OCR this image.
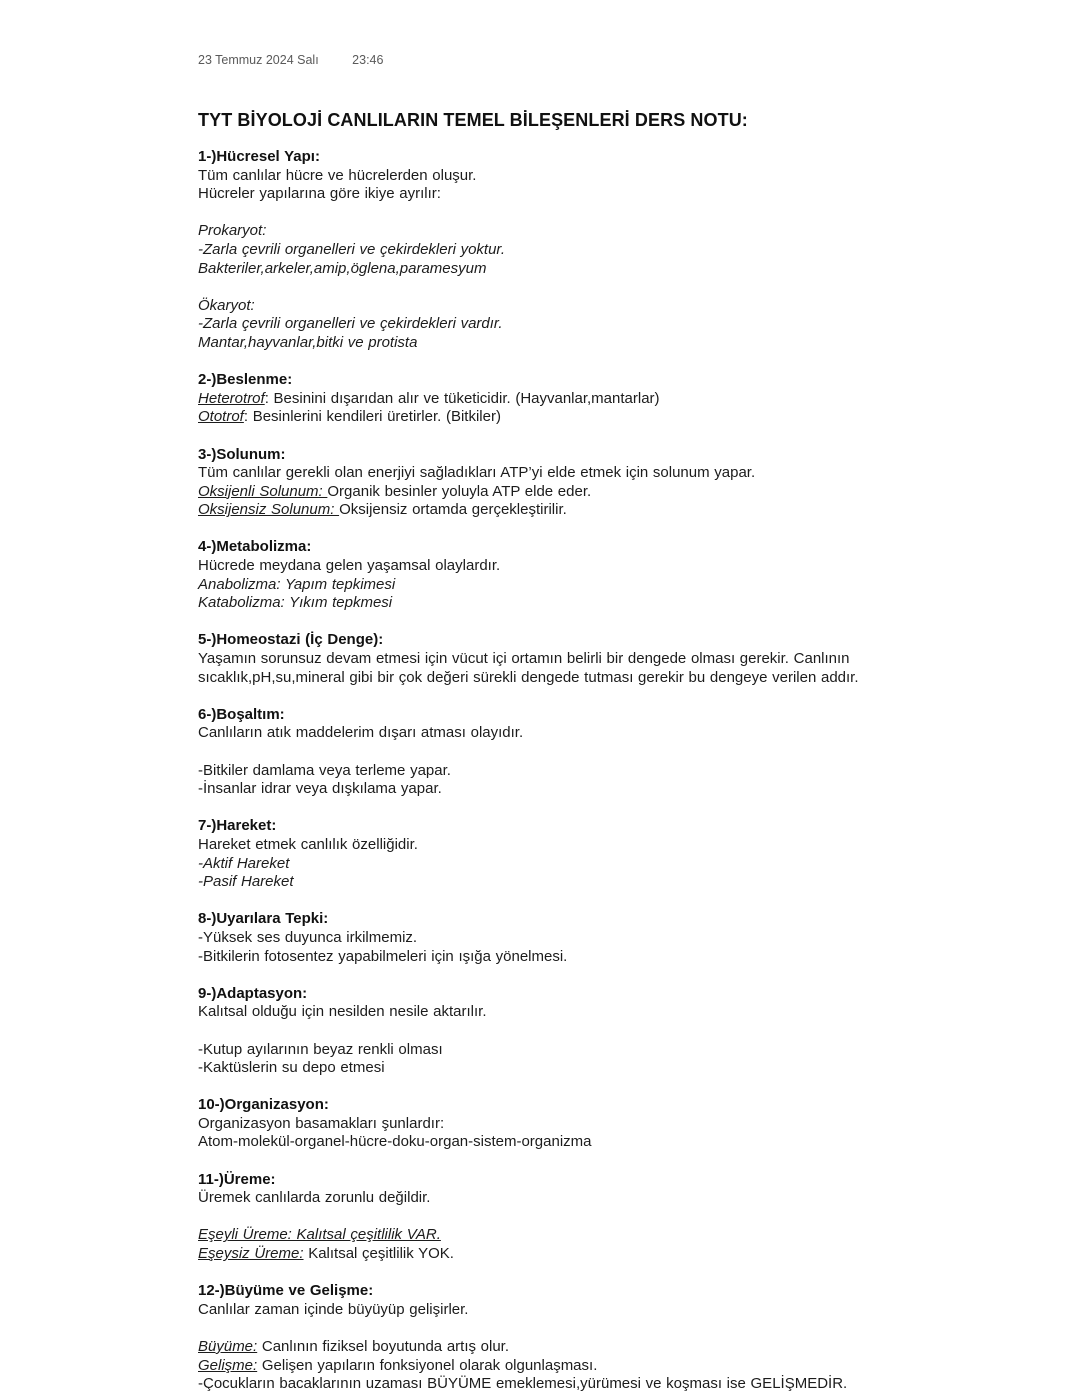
23 Temmuz 2024 Salı	23:46
TYT BİYOLOJİ CANLILARIN TEMEL BİLEŞENLERİ DERS NOTU:

1-)Hücresel Yapı:

Tüm canlılar hücre ve hücrelerden oluşur.

Hücreler yapılarına göre ikiye ayrılır:

Prokaryot:

-Zarla çevrili organelleri ve çekirdekleri yoktur.

Bakteriler,arkeler,amip,öglena,paramesyum

Ökaryot:

-Zarla çevrili organelleri ve çekirdekleri vardır.

Mantar,hayvanlar,bitki ve protista

2-)Beslenme:

Heterotrof: Besinini dışarıdan alır ve tüketicidir. (Hayvanlar,mantarlar)

Ototrof: Besinlerini kendileri üretirler. (Bitkiler)

3-)Solunum:

Tüm canlılar gerekli olan enerjiyi sağladıkları ATP’yi elde etmek için solunum yapar.

Oksijenli Solunum: Organik besinler yoluyla ATP elde eder.

Oksijensiz Solunum: Oksijensiz ortamda gerçekleştirilir.

4-)Metabolizma:

Hücrede meydana gelen yaşamsal olaylardır.

Anabolizma: Yapım tepkimesi

Katabolizma: Yıkım tepkmesi

5-)Homeostazi (İç Denge):

Yaşamın sorunsuz devam etmesi için vücut içi ortamın belirli bir dengede olması gerekir. Canlının sıcaklık,pH,su,mineral gibi bir çok değeri sürekli dengede tutması gerekir bu dengeye verilen addır.

6-)Boşaltım:

Canlıların atık maddelerim dışarı atması olayıdır.

-Bitkiler damlama veya terleme yapar.

-İnsanlar idrar veya dışkılama yapar.

7-)Hareket:

Hareket etmek canlılık özelliğidir.

-Aktif Hareket

-Pasif Hareket

8-)Uyarılara Tepki:

-Yüksek ses duyunca irkilmemiz.

-Bitkilerin fotosentez yapabilmeleri için ışığa yönelmesi.

9-)Adaptasyon:

Kalıtsal olduğu için nesilden nesile aktarılır.

-Kutup ayılarının beyaz renkli olması

-Kaktüslerin su depo etmesi

10-)Organizasyon:

Organizasyon basamakları şunlardır:

Atom-molekül-organel-hücre-doku-organ-sistem-organizma

11-)Üreme:

Üremek canlılarda zorunlu değildir.

Eşeyli Üreme: Kalıtsal çeşitlilik VAR.

Eşeysiz Üreme: Kalıtsal çeşitlilik YOK.

12-)Büyüme ve Gelişme:

Canlılar zaman içinde büyüyüp gelişirler.

Büyüme: Canlının fiziksel boyutunda artış olur.

Gelişme: Gelişen yapıların fonksiyonel olarak olgunlaşması.

-Çocukların bacaklarının uzaması BÜYÜME emeklemesi,yürümesi ve koşması ise GELİŞMEDİR.
